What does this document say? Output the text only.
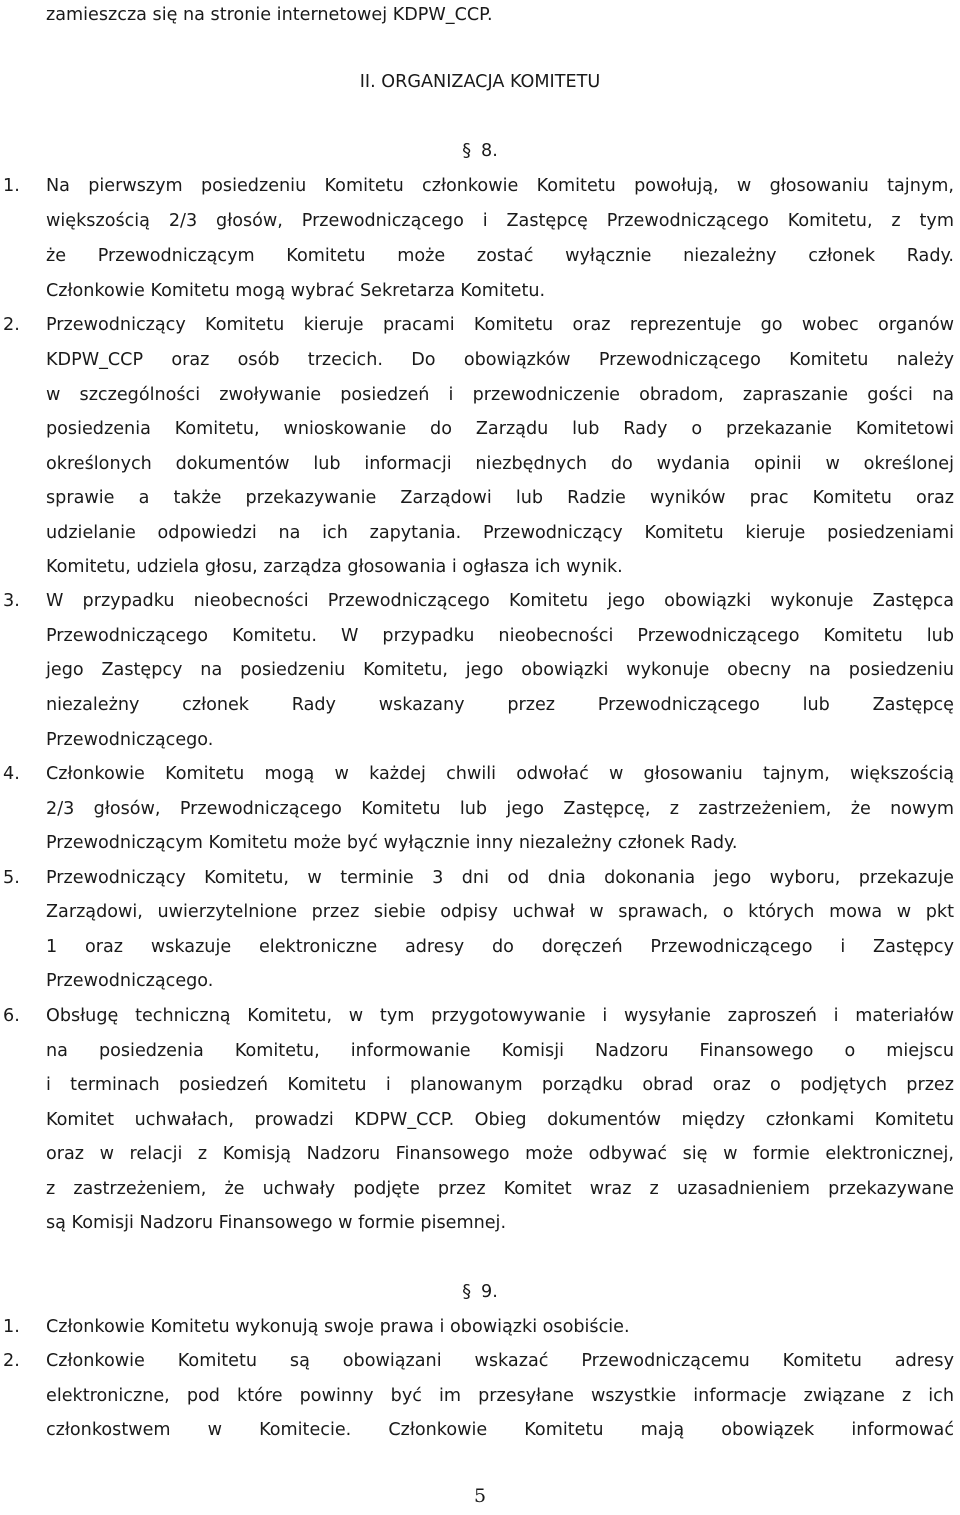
zamieszcza się na stronie internetowej KDPW_CCP.
II. ORGANIZACJA KOMITETU
§ 8.
1. Na pierwszym posiedzeniu Komitetu członkowie Komitetu powołują, w głosowaniu tajnym,
większością 2/3 głosów, Przewodniczącego i Zastępcę Przewodniczącego Komitetu, z tym
że Przewodniczącym Komitetu może zostać wyłącznie niezależny członek Rady.
Członkowie Komitetu mogą wybrać Sekretarza Komitetu.
2. Przewodniczący Komitetu kieruje pracami Komitetu oraz reprezentuje go wobec organów
KDPW_CCP oraz osób trzecich. Do obowiązków Przewodniczącego Komitetu należy
w szczególności zwoływanie posiedzeń i przewodniczenie obradom, zapraszanie gości na
posiedzenia Komitetu, wnioskowanie do Zarządu lub Rady o przekazanie Komitetowi
określonych dokumentów lub informacji niezbędnych do wydania opinii w określonej
sprawie a także przekazywanie Zarządowi lub Radzie wyników prac Komitetu oraz
udzielanie odpowiedzi na ich zapytania. Przewodniczący Komitetu kieruje posiedzeniami
Komitetu, udziela głosu, zarządza głosowania i ogłasza ich wynik.
3. W przypadku nieobecności Przewodniczącego Komitetu jego obowiązki wykonuje Zastępca
Przewodniczącego Komitetu. W przypadku nieobecności Przewodniczącego Komitetu lub
jego Zastępcy na posiedzeniu Komitetu, jego obowiązki wykonuje obecny na posiedzeniu
niezależny członek Rady wskazany przez Przewodniczącego lub Zastępcę
Przewodniczącego.
4. Członkowie Komitetu mogą w każdej chwili odwołać w głosowaniu tajnym, większością
2/3 głosów, Przewodniczącego Komitetu lub jego Zastępcę, z zastrzeżeniem, że nowym
Przewodniczącym Komitetu może być wyłącznie inny niezależny członek Rady.
5. Przewodniczący Komitetu, w terminie 3 dni od dnia dokonania jego wyboru, przekazuje
Zarządowi, uwierzytelnione przez siebie odpisy uchwał w sprawach, o których mowa w pkt
1 oraz wskazuje elektroniczne adresy do doręczeń Przewodniczącego i Zastępcy
Przewodniczącego.
6. Obsługę techniczną Komitetu, w tym przygotowywanie i wysyłanie zaproszeń i materiałów
na posiedzenia Komitetu, informowanie Komisji Nadzoru Finansowego o miejscu
i terminach posiedzeń Komitetu i planowanym porządku obrad oraz o podjętych przez
Komitet uchwałach, prowadzi KDPW_CCP. Obieg dokumentów między członkami Komitetu
oraz w relacji z Komisją Nadzoru Finansowego może odbywać się w formie elektronicznej,
z zastrzeżeniem, że uchwały podjęte przez Komitet wraz z uzasadnieniem przekazywane
są Komisji Nadzoru Finansowego w formie pisemnej.
§ 9.
1. Członkowie Komitetu wykonują swoje prawa i obowiązki osobiście.
2. Członkowie Komitetu są obowiązani wskazać Przewodniczącemu Komitetu adresy
elektroniczne, pod które powinny być im przesyłane wszystkie informacje związane z ich
członkostwem w Komitecie. Członkowie Komitetu mają obowiązek informować
5
